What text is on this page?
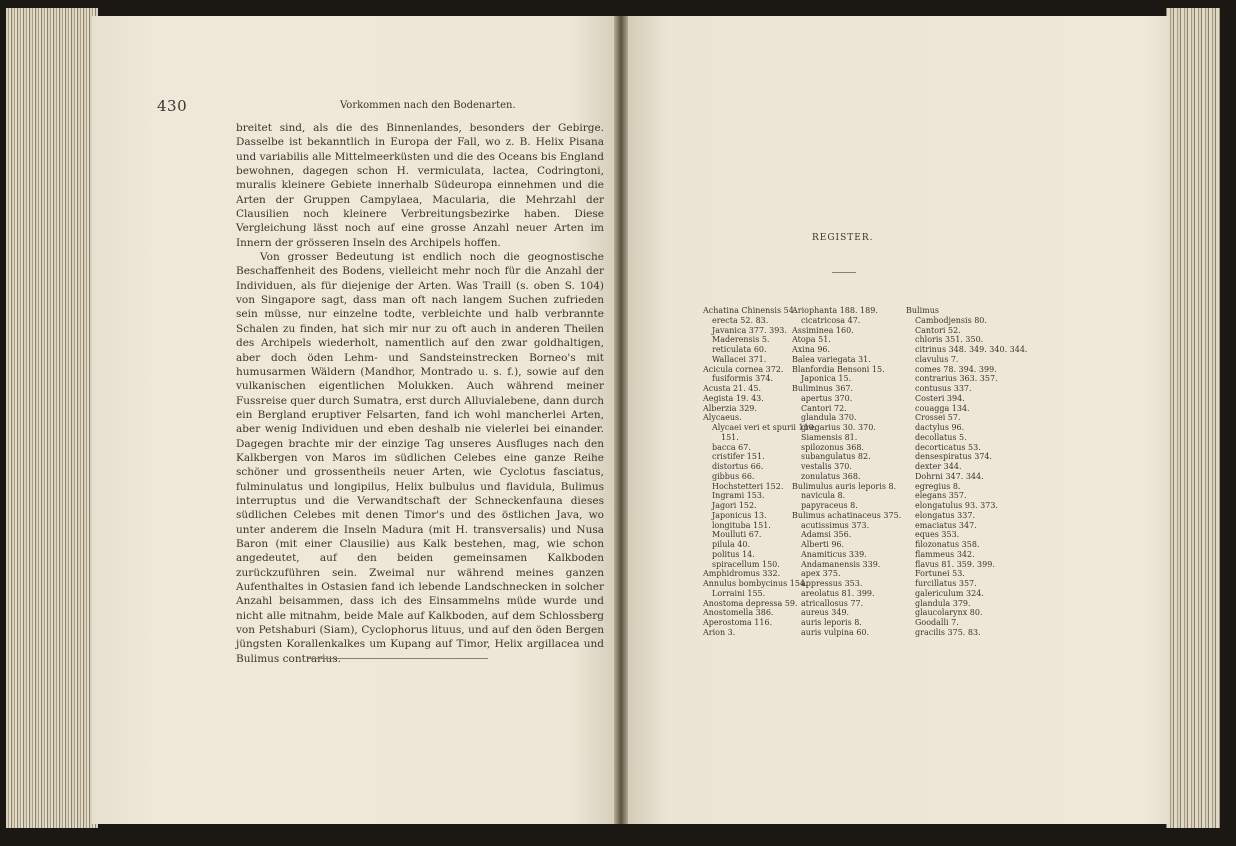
430	Vorkommen nach den Bodenarten.

breitet sind, als die des Binnenlandes, besonders der Gebirge. Dasselbe ist bekanntlich in Europa der Fall, wo z. B. Helix Pisana und variabilis alle Mittelmeerküsten und die des Oceans bis England bewohnen, dagegen schon H. vermiculata, lactea, Codringtoni, muralis kleinere Gebiete innerhalb Südeuropa einnehmen und die Arten der Gruppen Campylaea, Macularia, die Mehrzahl der Clausilien noch kleinere Verbreitungsbezirke haben. Diese Vergleichung lässt noch auf eine grosse Anzahl neuer Arten im Innern der grösseren Inseln des Archipels hoffen.

Von grosser Bedeutung ist endlich noch die geognostische Beschaffenheit des Bodens, vielleicht mehr noch für die Anzahl der Individuen, als für diejenige der Arten. Was Traill (s. oben S. 104) von Singapore sagt, dass man oft nach langem Suchen zufrieden sein müsse, nur einzelne todte, verbleichte und halb verbrannte Schalen zu finden, hat sich mir nur zu oft auch in anderen Theilen des Archipels wiederholt, namentlich auf den zwar goldhaltigen, aber doch öden Lehm- und Sandsteinstrecken Borneo's mit humusarmen Wäldern (Mandhor, Montrado u. s. f.), sowie auf den vulkanischen eigentlichen Molukken. Auch während meiner Fussreise quer durch Sumatra, erst durch Alluvialebene, dann durch ein Bergland eruptiver Felsarten, fand ich wohl mancherlei Arten, aber wenig Individuen und eben deshalb nie vielerlei bei einander. Dagegen brachte mir der einzige Tag unseres Ausfluges nach den Kalkbergen von Maros im südlichen Celebes eine ganze Reihe schöner und grossentheils neuer Arten, wie Cyclotus fasciatus, fulminulatus und longipilus, Helix bulbulus und flavidula, Bulimus interruptus und die Verwandtschaft der Schneckenfauna dieses südlichen Celebes mit denen Timor's und des östlichen Java, wo unter anderem die Inseln Madura (mit H. transversalis) und Nusa Baron (mit einer Clausilie) aus Kalk bestehen, mag, wie schon angedeutet, auf den beiden gemeinsamen Kalkboden zurückzuführen sein. Zweimal nur während meines ganzen Aufenthaltes in Ostasien fand ich lebende Landschnecken in solcher Anzahl beisammen, dass ich des Einsammelns müde wurde und nicht alle mitnahm, beide Male auf Kalkboden, auf dem Schlossberg von Petshaburi (Siam), Cyclophorus lituus, und auf den öden Bergen jüngsten Korallenkalkes um Kupang auf Timor, Helix argillacea und Bulimus contrarius.

REGISTER.
Achatina Chinensis 54.
erecta 52. 83.
Javanica 377. 393.
Maderensis 5.
reticulata 60.
Wallacei 371.
Acicula cornea 372.
fusiformis 374.
Acusta 21. 45.
Aegista 19. 43.
Alberzia 329.
Alycaeus.
Alycaei veri et spurii 110.
151.
bacca 67.
cristifer 151.
distortus 66.
gibbus 66.
Hochstetteri 152.
Ingrami 153.
Jagori 152.
Japonicus 13.
longituba 151.
Moulluti 67.
pilula 40.
politus 14.
spiracellum 150.
Amphidromus 332.
Annulus bombycinus 154.
Lorraini 155.
Anostoma depressa 59.
Anostomella 386.
Aperostoma 116.
Arion 3.
Ariophanta 188. 189.
cicatricosa 47.
Assiminea 160.
Atopa 51.
Axina 96.
Balea variegata 31.
Blanfordia Bensoni 15.
Japonica 15.
Buliminus 367.
apertus 370.
Cantori 72.
glandula 370.
gregarius 30. 370.
Siamensis 81.
spilozonus 368.
subangulatus 82.
vestalis 370.
zonulatus 368.
Bulimulus auris leporis 8.
navicula 8.
papyraceus 8.
Bulimus achatinaceus 375.
acutissimus 373.
Adamsi 356.
Alberti 96.
Anamiticus 339.
Andamanensis 339.
apex 375.
appressus 353.
areolatus 81. 399.
atricallosus 77.
aureus 349.
auris leporis 8.
auris vulpina 60.
Bulimus
Cambodjensis 80.
Cantori 52.
chloris 351. 350.
citrinus 348. 349. 340. 344.
clavulus 7.
comes 78. 394. 399.
contrarius 363. 357.
contusus 337.
Costeri 394.
couagga 134.
Crossei 57.
dactylus 96.
decollatus 5.
decorticatus 53.
densespiratus 374.
dexter 344.
Dohrni 347. 344.
egregius 8.
elegans 357.
elongatulus 93. 373.
elongatus 337.
emaciatus 347.
eques 353.
filozonatus 358.
flammeus 342.
flavus 81. 359. 399.
Fortunei 53.
furcillatus 357.
galericulum 324.
glandula 379.
glaucolarynx 80.
Goodalli 7.
gracilis 375. 83.
